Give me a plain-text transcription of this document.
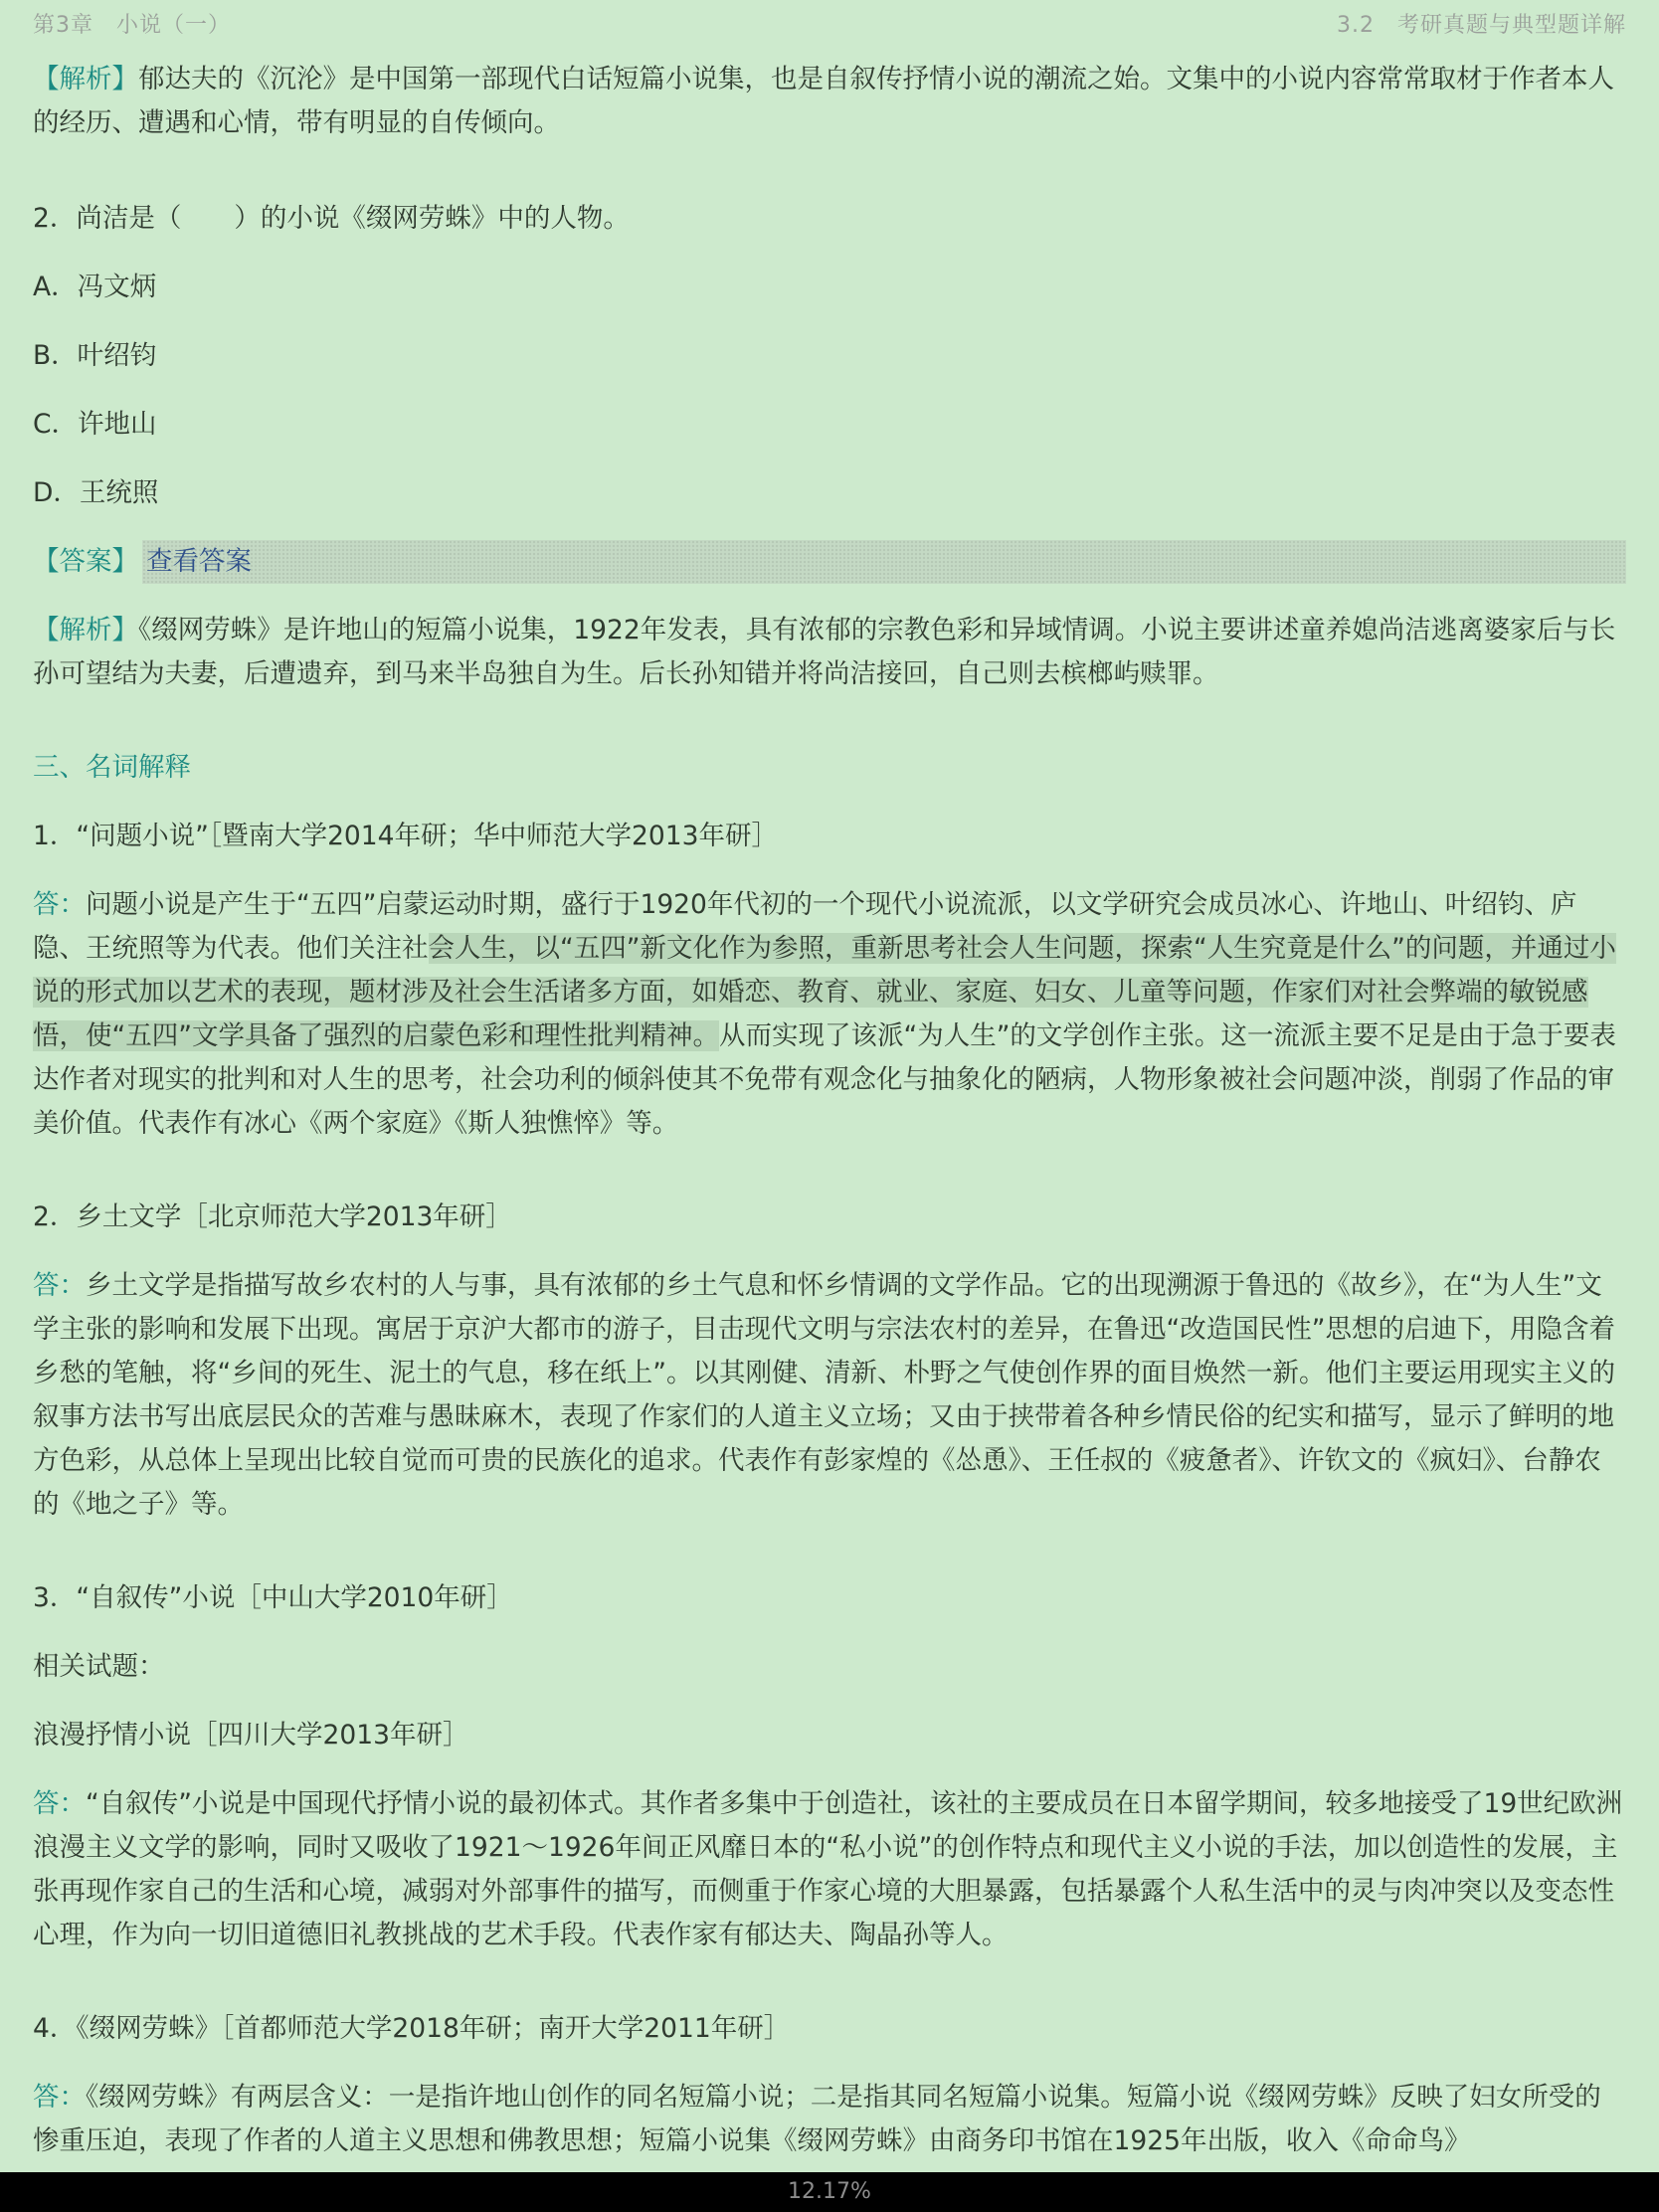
第3章　小说（一）	3.2　考研真题与典型题详解

【解析】郁达夫的《沉沦》是中国第一部现代白话短篇小说集，也是自叙传抒情小说的潮流之始。文集中的小说内容常常取材于作者本人的经历、遭遇和心情，带有明显的自传倾向。

2．尚洁是（　　）的小说《缀网劳蛛》中的人物。

A．冯文炳

B．叶绍钧

C．许地山

D．王统照

【答案】 查看答案

【解析】《缀网劳蛛》是许地山的短篇小说集，1922年发表，具有浓郁的宗教色彩和异域情调。小说主要讲述童养媳尚洁逃离婆家后与长孙可望结为夫妻，后遭遗弃，到马来半岛独自为生。后长孙知错并将尚洁接回，自己则去槟榔屿赎罪。

三、名词解释

1．“问题小说”［暨南大学2014年研；华中师范大学2013年研］

答：问题小说是产生于“五四”启蒙运动时期，盛行于1920年代初的一个现代小说流派，以文学研究会成员冰心、许地山、叶绍钧、庐隐、王统照等为代表。他们关注社会人生，以“五四”新文化作为参照，重新思考社会人生问题，探索“人生究竟是什么”的问题，并通过小说的形式加以艺术的表现，题材涉及社会生活诸多方面，如婚恋、教育、就业、家庭、妇女、儿童等问题，作家们对社会弊端的敏锐感悟，使“五四”文学具备了强烈的启蒙色彩和理性批判精神。从而实现了该派“为人生”的文学创作主张。这一流派主要不足是由于急于要表达作者对现实的批判和对人生的思考，社会功利的倾斜使其不免带有观念化与抽象化的陋病，人物形象被社会问题冲淡，削弱了作品的审美价值。代表作有冰心《两个家庭》《斯人独憔悴》等。

2．乡土文学［北京师范大学2013年研］

答：乡土文学是指描写故乡农村的人与事，具有浓郁的乡土气息和怀乡情调的文学作品。它的出现溯源于鲁迅的《故乡》，在“为人生”文学主张的影响和发展下出现。寓居于京沪大都市的游子，目击现代文明与宗法农村的差异，在鲁迅“改造国民性”思想的启迪下，用隐含着乡愁的笔触，将“乡间的死生、泥土的气息，移在纸上”。以其刚健、清新、朴野之气使创作界的面目焕然一新。他们主要运用现实主义的叙事方法书写出底层民众的苦难与愚昧麻木，表现了作家们的人道主义立场；又由于挟带着各种乡情民俗的纪实和描写，显示了鲜明的地方色彩，从总体上呈现出比较自觉而可贵的民族化的追求。代表作有彭家煌的《怂恿》、王任叔的《疲惫者》、许钦文的《疯妇》、台静农的《地之子》等。

3．“自叙传”小说［中山大学2010年研］

相关试题：

浪漫抒情小说［四川大学2013年研］

答：“自叙传”小说是中国现代抒情小说的最初体式。其作者多集中于创造社，该社的主要成员在日本留学期间，较多地接受了19世纪欧洲浪漫主义文学的影响，同时又吸收了1921～1926年间正风靡日本的“私小说”的创作特点和现代主义小说的手法，加以创造性的发展，主张再现作家自己的生活和心境，减弱对外部事件的描写，而侧重于作家心境的大胆暴露，包括暴露个人私生活中的灵与肉冲突以及变态性心理，作为向一切旧道德旧礼教挑战的艺术手段。代表作家有郁达夫、陶晶孙等人。

4．《缀网劳蛛》［首都师范大学2018年研；南开大学2011年研］

答：《缀网劳蛛》有两层含义：一是指许地山创作的同名短篇小说；二是指其同名短篇小说集。短篇小说《缀网劳蛛》反映了妇女所受的惨重压迫，表现了作者的人道主义思想和佛教思想；短篇小说集《缀网劳蛛》由商务印书馆在1925年出版，收入《命命鸟》

12.17%
